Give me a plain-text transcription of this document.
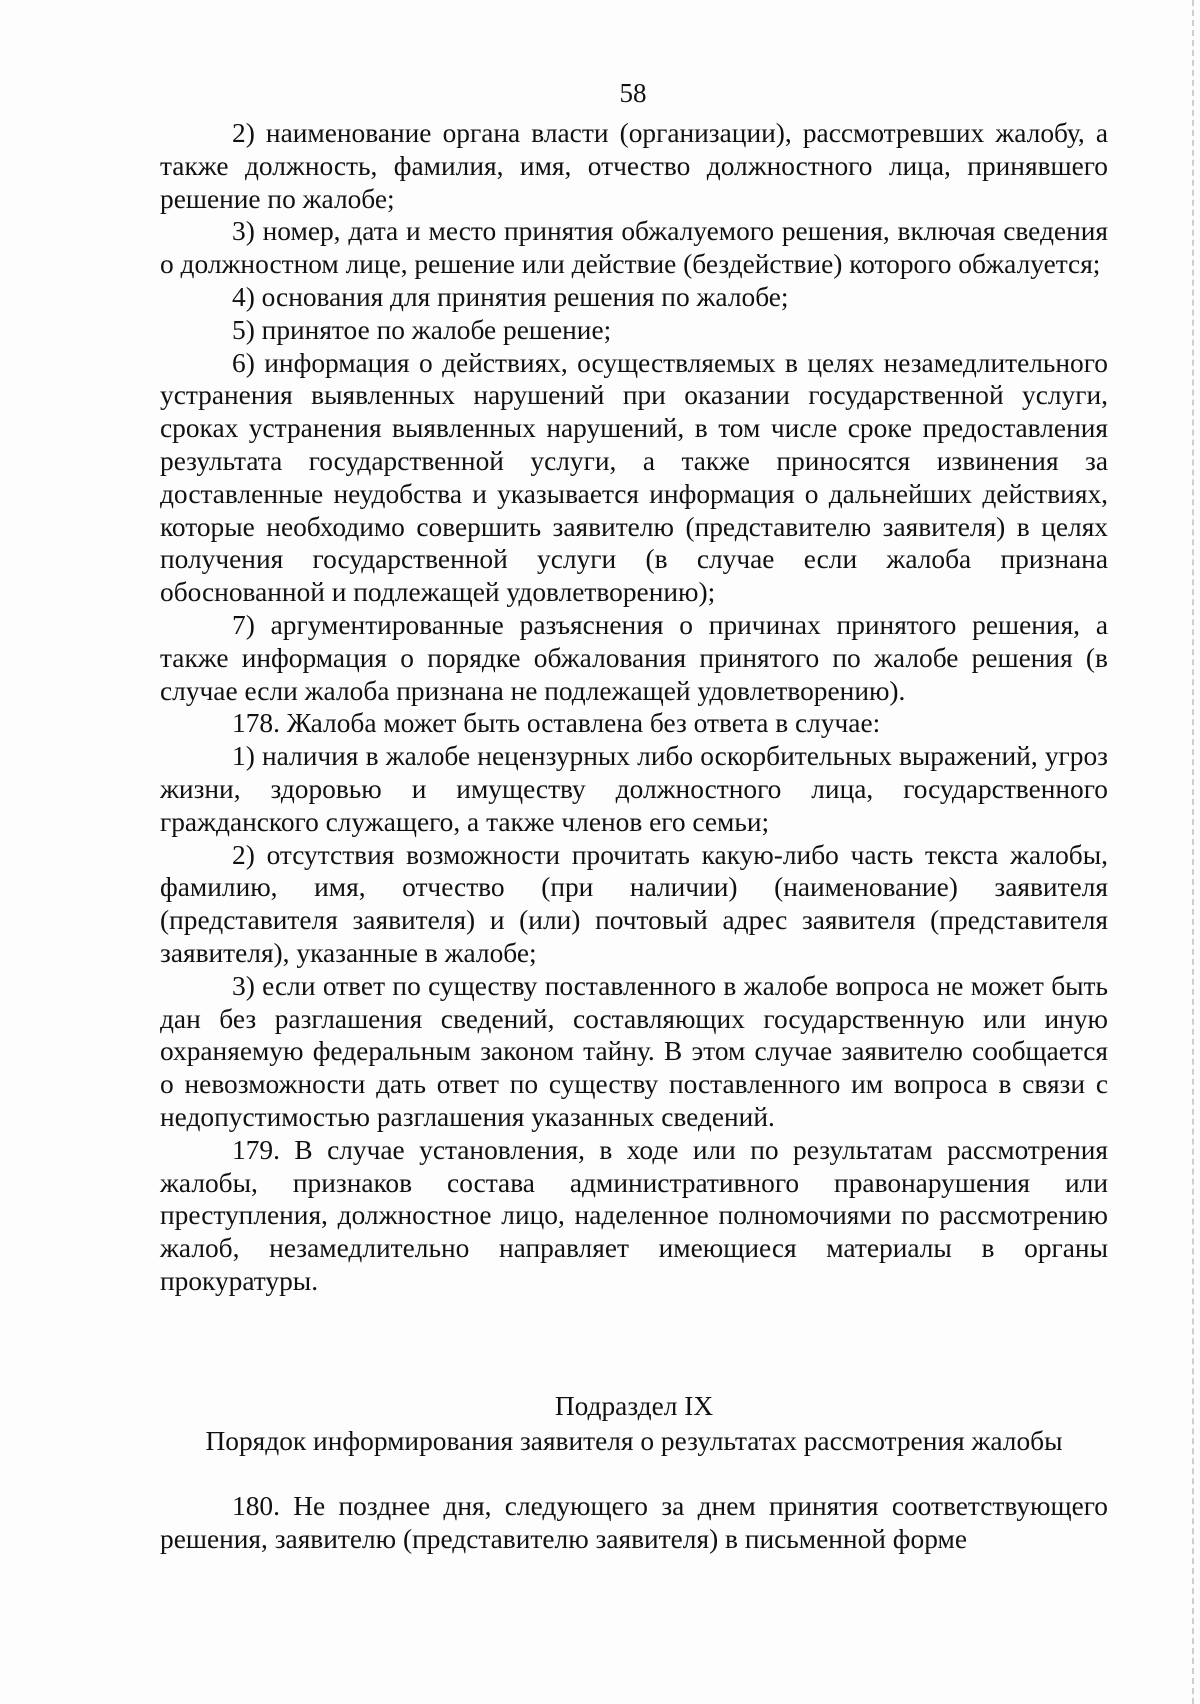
58

2) наименование органа власти (организации), рассмотревших жалобу, а также должность, фамилия, имя, отчество должностного лица, принявшего решение по жалобе;

3) номер, дата и место принятия обжалуемого решения, включая сведения о должностном лице, решение или действие (бездействие) которого обжалуется;

4) основания для принятия решения по жалобе;

5) принятое по жалобе решение;

6) информация о действиях, осуществляемых в целях незамедлительного устранения выявленных нарушений при оказании государственной услуги, сроках устранения выявленных нарушений, в том числе сроке предоставления результата государственной услуги, а также приносятся извинения за доставленные неудобства и указывается информация о дальнейших действиях, которые необходимо совершить заявителю (представителю заявителя) в целях получения государственной услуги (в случае если жалоба признана обоснованной и подлежащей удовлетворению);

7) аргументированные разъяснения о причинах принятого решения, а также информация о порядке обжалования принятого по жалобе решения (в случае если жалоба признана не подлежащей удовлетворению).

178. Жалоба может быть оставлена без ответа в случае:

1) наличия в жалобе нецензурных либо оскорбительных выражений, угроз жизни, здоровью и имуществу должностного лица, государственного гражданского служащего, а также членов его семьи;

2) отсутствия возможности прочитать какую-либо часть текста жалобы, фамилию, имя, отчество (при наличии) (наименование) заявителя (представителя заявителя) и (или) почтовый адрес заявителя (представителя заявителя), указанные в жалобе;

3) если ответ по существу поставленного в жалобе вопроса не может быть дан без разглашения сведений, составляющих государственную или иную охраняемую федеральным законом тайну. В этом случае заявителю сообщается о невозможности дать ответ по существу поставленного им вопроса в связи с недопустимостью разглашения указанных сведений.

179. В случае установления, в ходе или по результатам рассмотрения жалобы, признаков состава административного правонарушения или преступления, должностное лицо, наделенное полномочиями по рассмотрению жалоб, незамедлительно направляет имеющиеся материалы в органы прокуратуры.

Подраздел IX
Порядок информирования заявителя о результатах рассмотрения жалобы

180. Не позднее дня, следующего за днем принятия соответствующего решения, заявителю (представителю заявителя) в письменной форме
